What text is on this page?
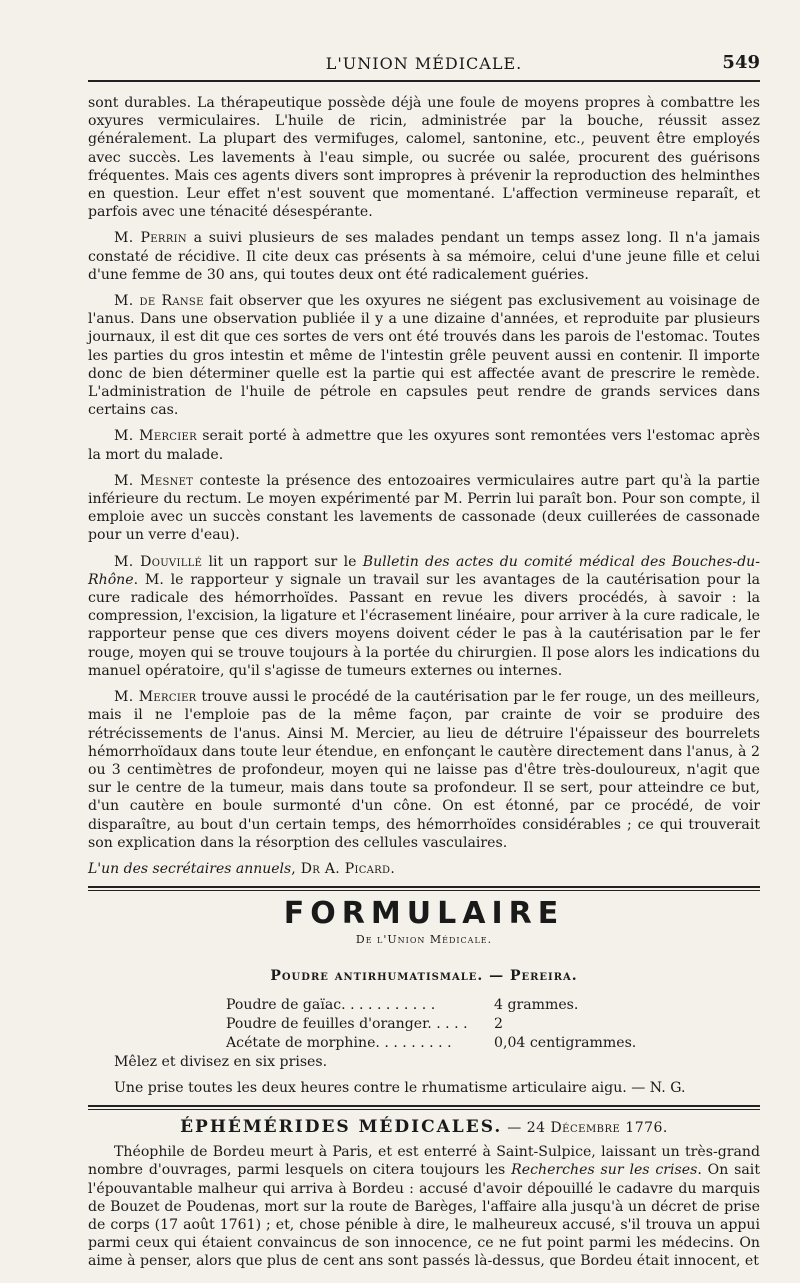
L'UNION MÉDICALE.	549

sont durables. La thérapeutique possède déjà une foule de moyens propres à combattre les oxyures vermiculaires. L'huile de ricin, administrée par la bouche, réussit assez généralement. La plupart des vermifuges, calomel, santonine, etc., peuvent être employés avec succès. Les lavements à l'eau simple, ou sucrée ou salée, procurent des guérisons fréquentes. Mais ces agents divers sont impropres à prévenir la reproduction des helminthes en question. Leur effet n'est souvent que momentané. L'affection vermineuse reparaît, et parfois avec une ténacité désespérante.

M. Perrin a suivi plusieurs de ses malades pendant un temps assez long. Il n'a jamais constaté de récidive. Il cite deux cas présents à sa mémoire, celui d'une jeune fille et celui d'une femme de 30 ans, qui toutes deux ont été radicalement guéries.

M. de Ranse fait observer que les oxyures ne siégent pas exclusivement au voisinage de l'anus. Dans une observation publiée il y a une dizaine d'années, et reproduite par plusieurs journaux, il est dit que ces sortes de vers ont été trouvés dans les parois de l'estomac. Toutes les parties du gros intestin et même de l'intestin grêle peuvent aussi en contenir. Il importe donc de bien déterminer quelle est la partie qui est affectée avant de prescrire le remède. L'administration de l'huile de pétrole en capsules peut rendre de grands services dans certains cas.

M. Mercier serait porté à admettre que les oxyures sont remontées vers l'estomac après la mort du malade.

M. Mesnet conteste la présence des entozoaires vermiculaires autre part qu'à la partie inférieure du rectum. Le moyen expérimenté par M. Perrin lui paraît bon. Pour son compte, il emploie avec un succès constant les lavements de cassonade (deux cuillerées de cassonade pour un verre d'eau).

M. Douvillé lit un rapport sur le Bulletin des actes du comité médical des Bouches-du-Rhône. M. le rapporteur y signale un travail sur les avantages de la cautérisation pour la cure radicale des hémorrhoïdes. Passant en revue les divers procédés, à savoir : la compression, l'excision, la ligature et l'écrasement linéaire, pour arriver à la cure radicale, le rapporteur pense que ces divers moyens doivent céder le pas à la cautérisation par le fer rouge, moyen qui se trouve toujours à la portée du chirurgien. Il pose alors les indications du manuel opératoire, qu'il s'agisse de tumeurs externes ou internes.

M. Mercier trouve aussi le procédé de la cautérisation par le fer rouge, un des meilleurs, mais il ne l'emploie pas de la même façon, par crainte de voir se produire des rétrécissements de l'anus. Ainsi M. Mercier, au lieu de détruire l'épaisseur des bourrelets hémorrhoïdaux dans toute leur étendue, en enfonçant le cautère directement dans l'anus, à 2 ou 3 centimètres de profondeur, moyen qui ne laisse pas d'être très-douloureux, n'agit que sur le centre de la tumeur, mais dans toute sa profondeur. Il se sert, pour atteindre ce but, d'un cautère en boule surmonté d'un cône. On est étonné, par ce procédé, de voir disparaître, au bout d'un certain temps, des hémorrhoïdes considérables ; ce qui trouverait son explication dans la résorption des cellules vasculaires.

L'un des secrétaires annuels, Dr A. Picard.

FORMULAIRE
De l'Union Médicale.
Poudre antirhumatismale. — Pereira.
Poudre de gaïac. . . . . . . . . . .	4 grammes.
Poudre de feuilles d'oranger. . . . .	2
Acétate de morphine. . . . . . . . .	0,04 centigrammes.

Mêlez et divisez en six prises.

Une prise toutes les deux heures contre le rhumatisme articulaire aigu. — N. G.

ÉPHÉMÉRIDES MÉDICALES. — 24 Décembre 1776.

Théophile de Bordeu meurt à Paris, et est enterré à Saint-Sulpice, laissant un très-grand nombre d'ouvrages, parmi lesquels on citera toujours les Recherches sur les crises. On sait l'épouvantable malheur qui arriva à Bordeu : accusé d'avoir dépouillé le cadavre du marquis de Bouzet de Poudenas, mort sur la route de Barèges, l'affaire alla jusqu'à un décret de prise de corps (17 août 1761) ; et, chose pénible à dire, le malheureux accusé, s'il trouva un appui parmi ceux qui étaient convaincus de son innocence, ce ne fut point parmi les médecins. On aime à penser, alors que plus de cent ans sont passés là-dessus, que Bordeu était innocent, et
